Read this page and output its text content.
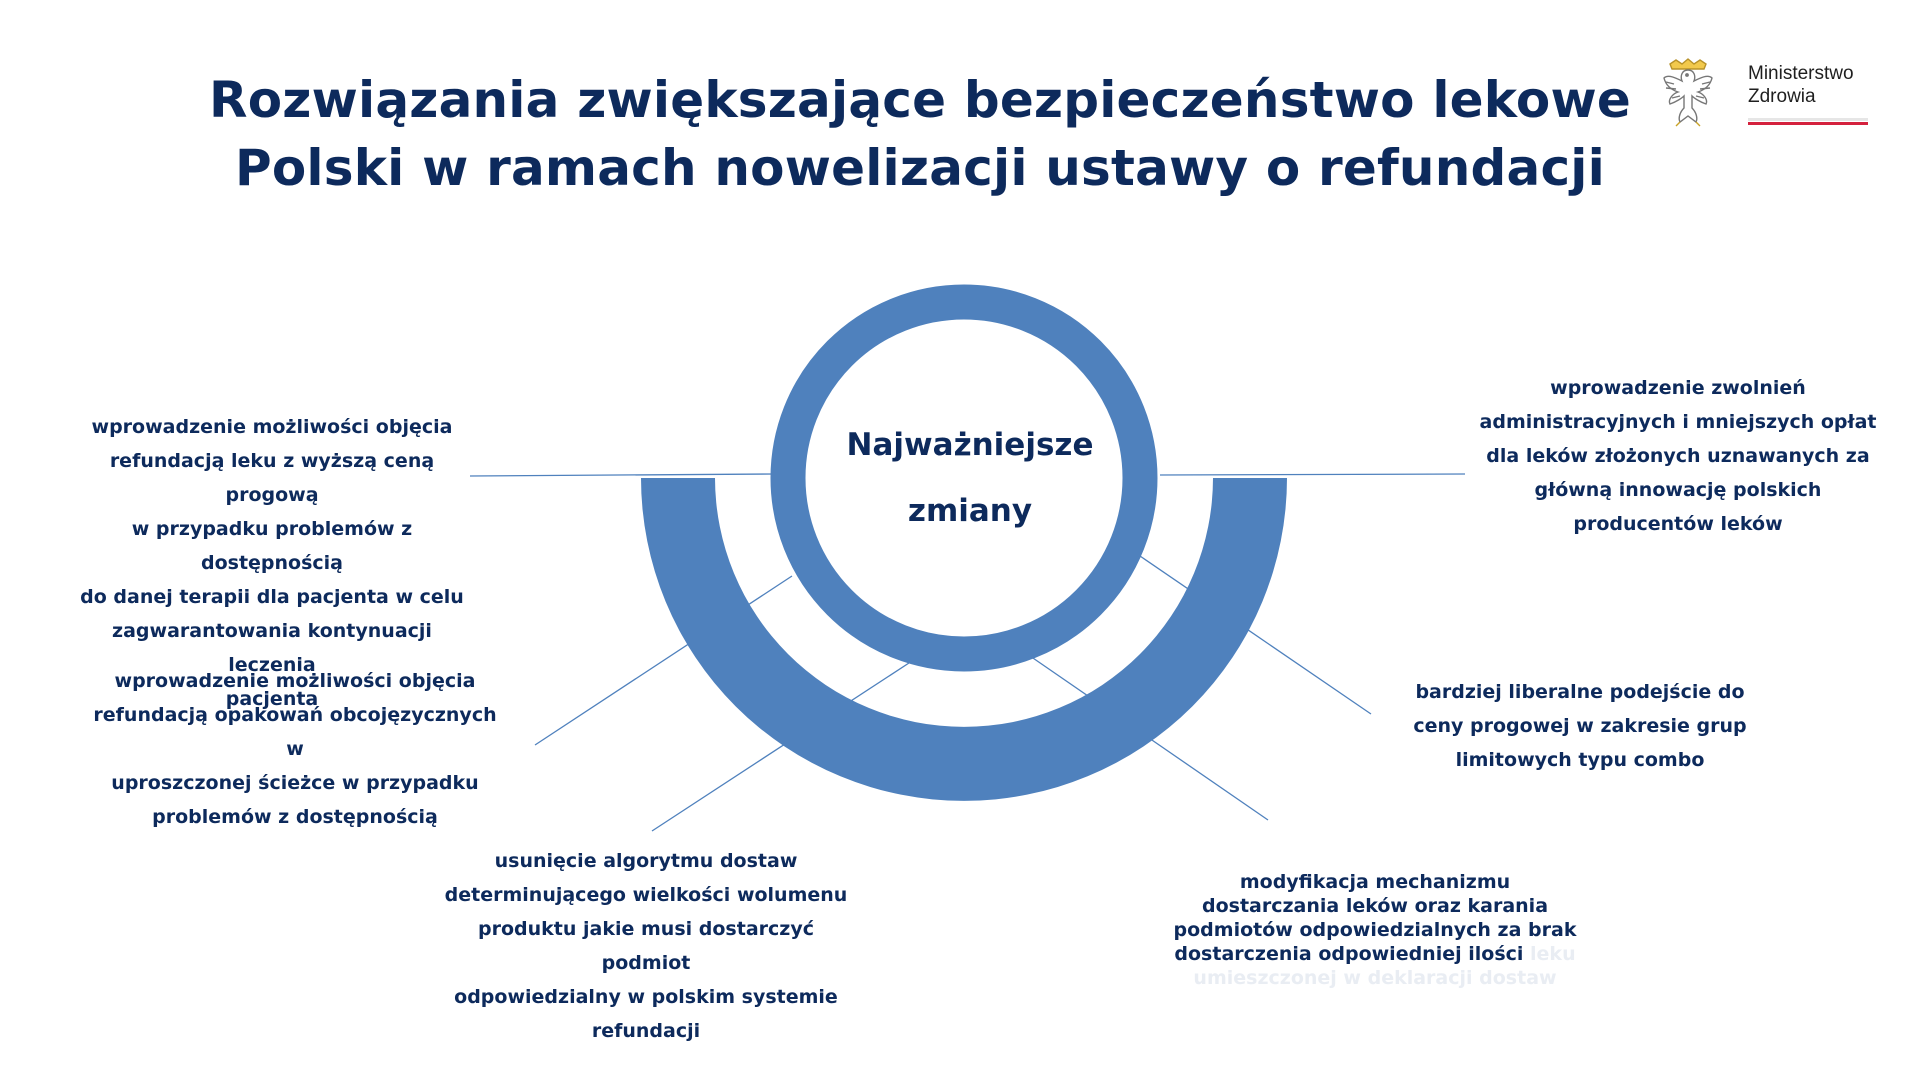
Rozwiązania zwiększające bezpieczeństwo lekowe
Polski w ramach nowelizacji ustawy o refundacji
Ministerstwo
Zdrowia
Najważniejsze
zmiany
wprowadzenie możliwości objęcia
refundacją leku z wyższą ceną progową
w przypadku problemów z dostępnością
do danej terapii dla pacjenta w celu
zagwarantowania kontynuacji leczenia
pacjenta
wprowadzenie możliwości objęcia
refundacją opakowań obcojęzycznych w
uproszczonej ścieżce w przypadku
problemów z dostępnością
usunięcie algorytmu dostaw
determinującego wielkości wolumenu
produktu jakie musi dostarczyć podmiot
odpowiedzialny w polskim systemie
refundacji
wprowadzenie zwolnień
administracyjnych i mniejszych opłat
dla leków złożonych uznawanych za
główną innowację polskich
producentów leków
bardziej liberalne podejście do
ceny progowej w zakresie grup
limitowych typu combo
modyfikacja mechanizmu
dostarczania leków oraz karania
podmiotów odpowiedzialnych za brak
dostarczenia odpowiedniej ilości leku
umieszczonej w deklaracji dostaw
